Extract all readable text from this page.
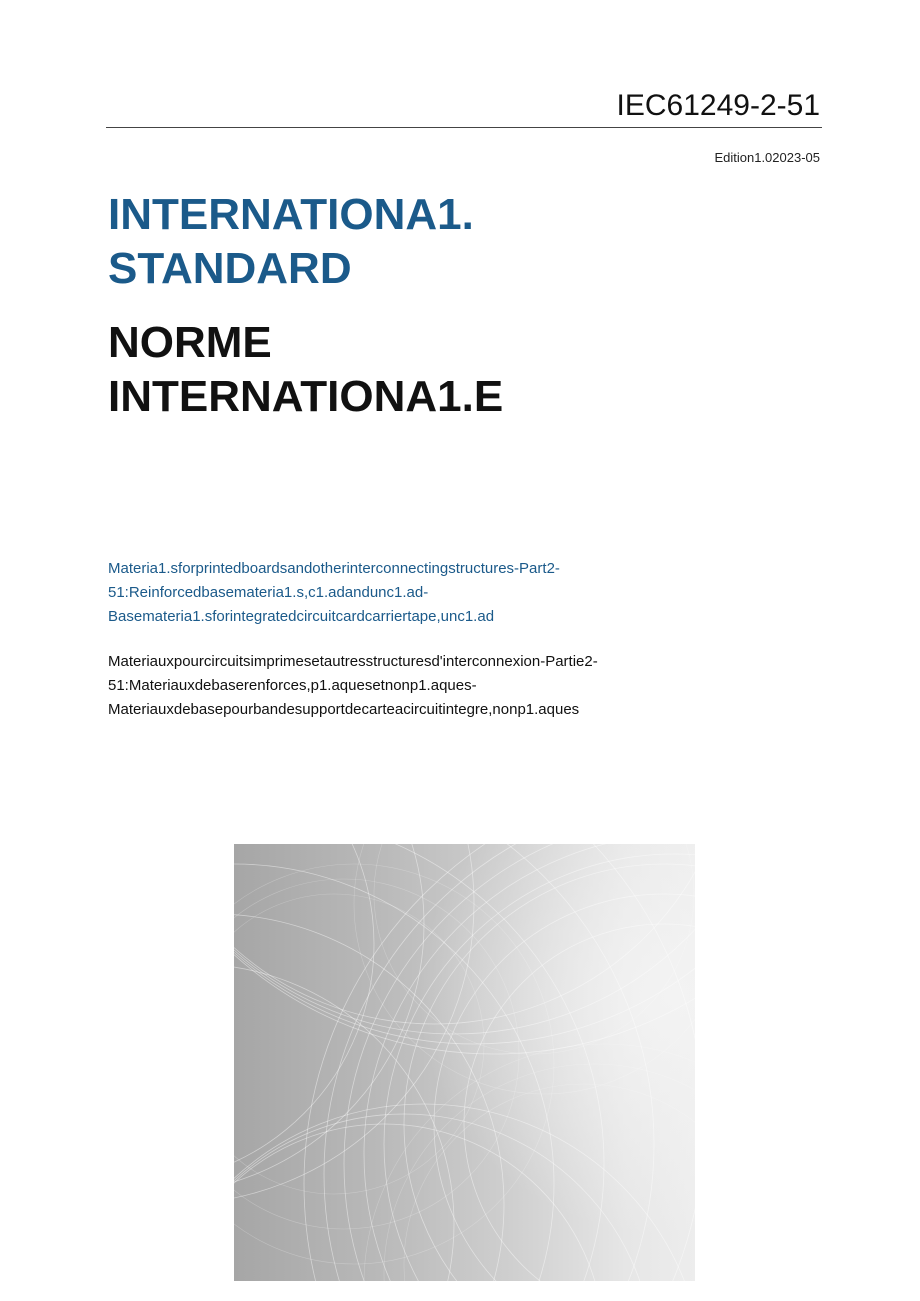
IEC61249-2-51
Edition1.02023-05
INTERNATIONA1.
STANDARD
NORME
INTERNATIONA1.E
Materia1.sforprintedboardsandotherinterconnectingstructures-Part2-
51:Reinforcedbasemateria1.s,c1.adandunc1.ad-
Basemateria1.sforintegratedcircuitcardcarriertape,unc1.ad
Materiauxpourcircuitsimprimesetautresstructuresd'interconnexion-Partie2-
51:Materiauxdebaserenforces,p1.aquesetnonp1.aques-
Materiauxdebasepourbandesupportdecarteacircuitintegre,nonp1.aques
